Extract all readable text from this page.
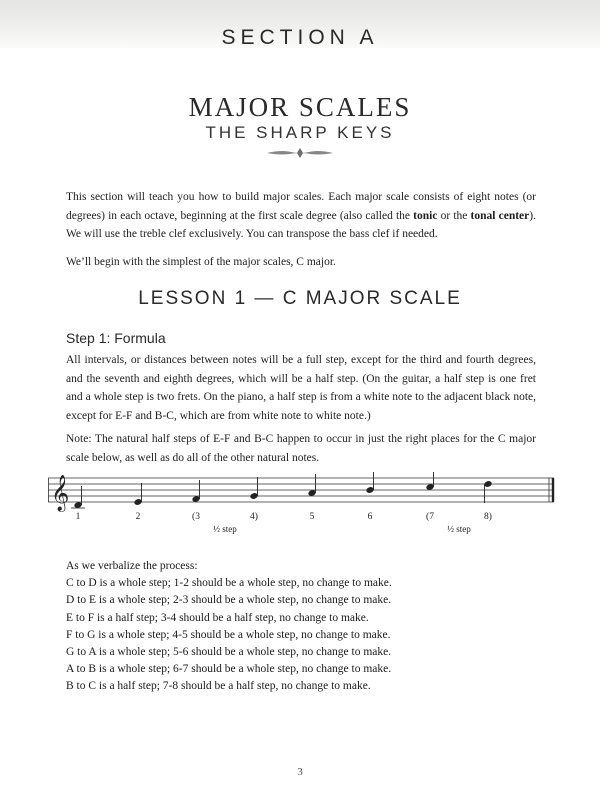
SECTION A
MAJOR SCALES
THE SHARP KEYS
This section will teach you how to build major scales. Each major scale consists of eight notes (or degrees) in each octave, beginning at the first scale degree (also called the tonic or the tonal center). We will use the treble clef exclusively. You can transpose the bass clef if needed.
We’ll begin with the simplest of the major scales, C major.
LESSON 1 — C MAJOR SCALE
Step 1: Formula
All intervals, or distances between notes will be a full step, except for the third and fourth degrees, and the seventh and eighth degrees, which will be a half step. (On the guitar, a half step is one fret and a whole step is two frets. On the piano, a half step is from a white note to the adjacent black note, except for E-F and B-C, which are from white note to white note.)
Note: The natural half steps of E-F and B-C happen to occur in just the right places for the C major scale below, as well as do all of the other natural notes.
𝄞
1	2	(3	4)	5	6	(7	8)
½ step	½ step
As we verbalize the process:
C to D is a whole step; 1-2 should be a whole step, no change to make.
D to E is a whole step; 2-3 should be a whole step, no change to make.
E to F is a half step; 3-4 should be a half step, no change to make.
F to G is a whole step; 4-5 should be a whole step, no change to make.
G to A is a whole step; 5-6 should be a whole step, no change to make.
A to B is a whole step; 6-7 should be a whole step, no change to make.
B to C is a half step; 7-8 should be a half step, no change to make.
3
